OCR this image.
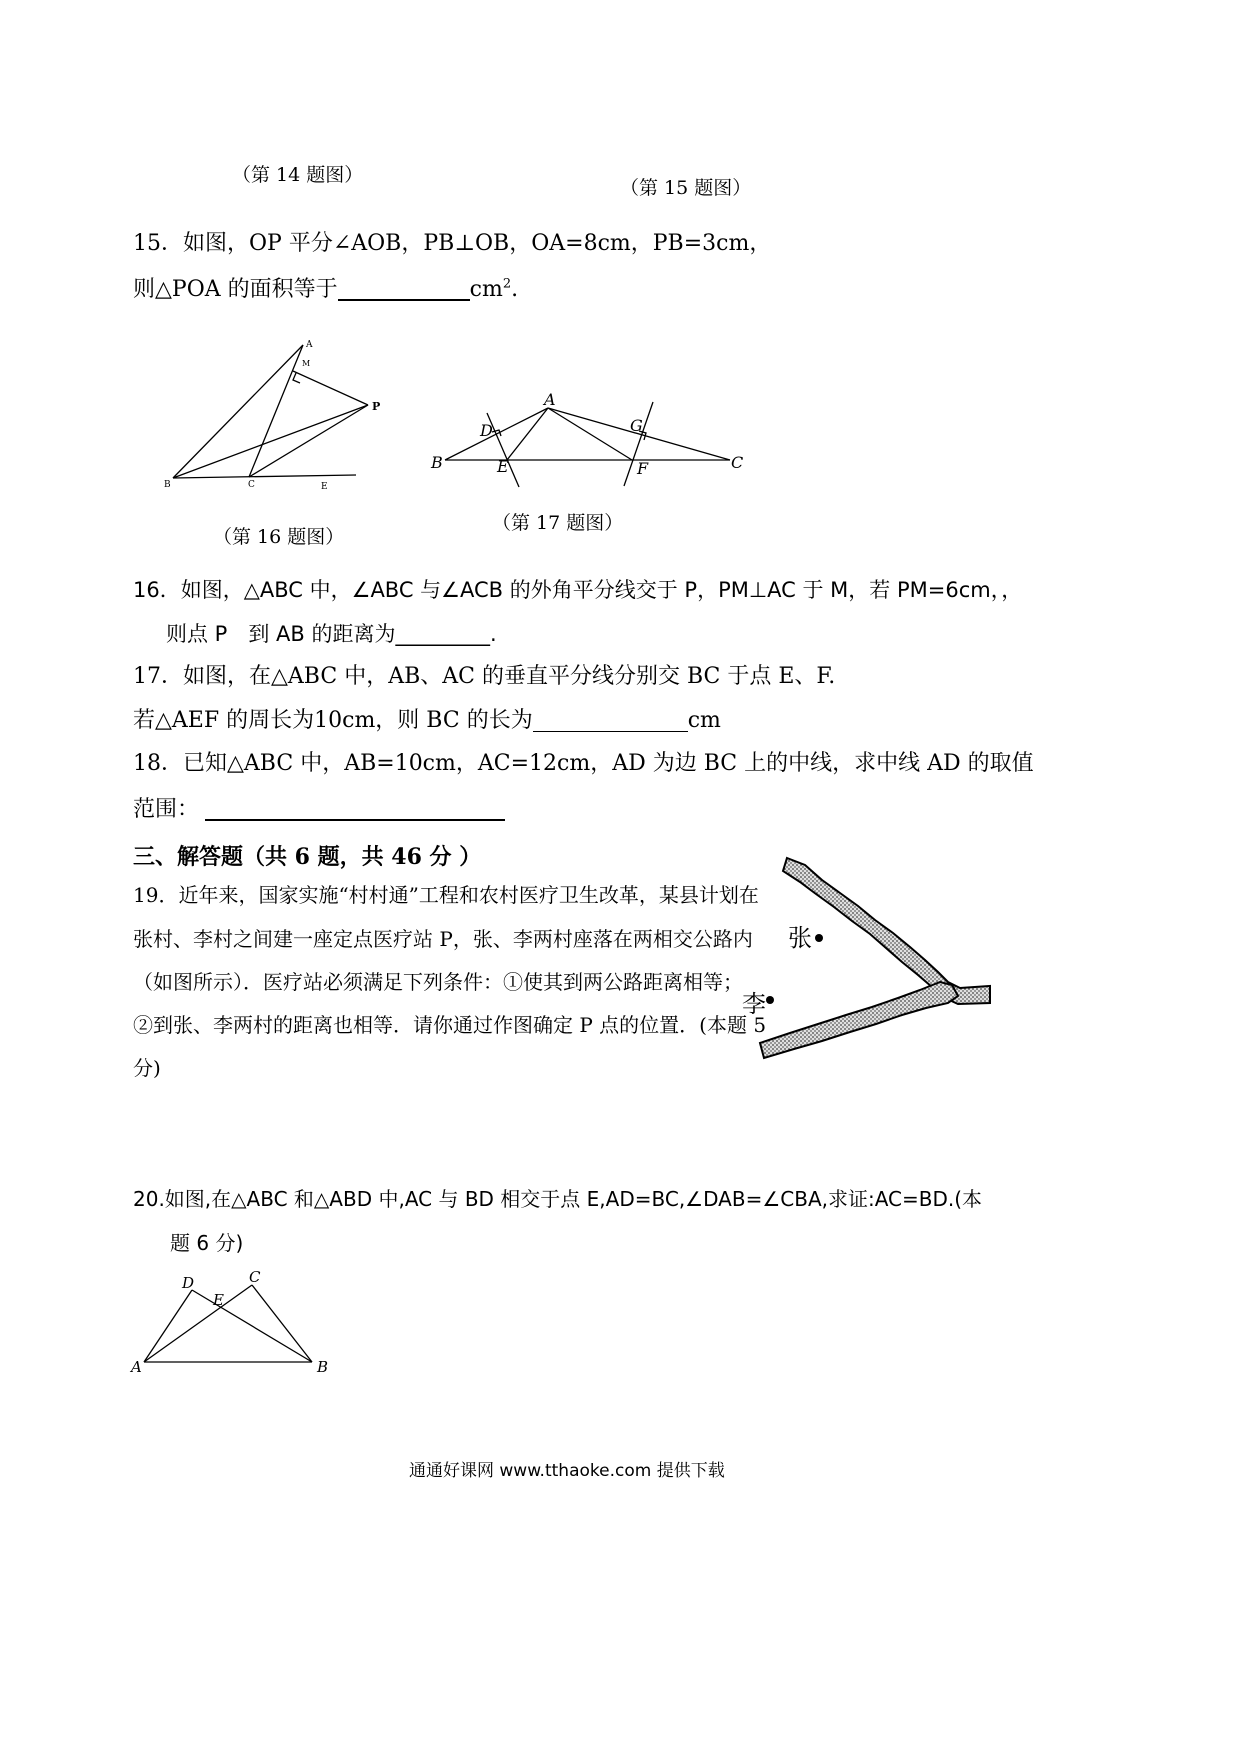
（第 14 题图）
（第 15 题图）
15．如图，OP 平分∠AOB，PB⊥OB，OA=8cm，PB=3cm，
则△POA 的面积等于	$cm^2$.
A
M
P
B	C	E
A
D	G
B	E	F	C
（第 16 题图）
（第 17 题图）
16．如图，△ABC 中，∠ABC 与∠ACB 的外角平分线交于 P，PM⊥AC 于 M，若 PM=6cm，，
则点 P　到 AB 的距离为_________.
17．如图，在△ABC 中，AB、AC 的垂直平分线分别交 BC 于点 E、F.
若△AEF 的周长为10cm，则 BC 的长为	cm
18．已知△ABC 中，AB=10cm，AC=12cm，AD 为边 BC 上的中线，求中线 AD 的取值
范围：
三、解答题（共 6 题，共 46 分 ）
19．近年来，国家实施“村村通”工程和农村医疗卫生改革，某县计划在
张村、李村之间建一座定点医疗站 P，张、李两村座落在两相交公路内
（如图所示）．医疗站必须满足下列条件：①使其到两公路距离相等；
②到张、李两村的距离也相等．请你通过作图确定 P 点的位置．(本题 5
分)
张
李
20.如图,在△ABC 和△ABD 中,AC 与 BD 相交于点 E,AD=BC,∠DAB=∠CBA,求证:AC=BD.(本
题 6 分)
D	C
E
A	B
通通好课网 www.tthaoke.com 提供下载
